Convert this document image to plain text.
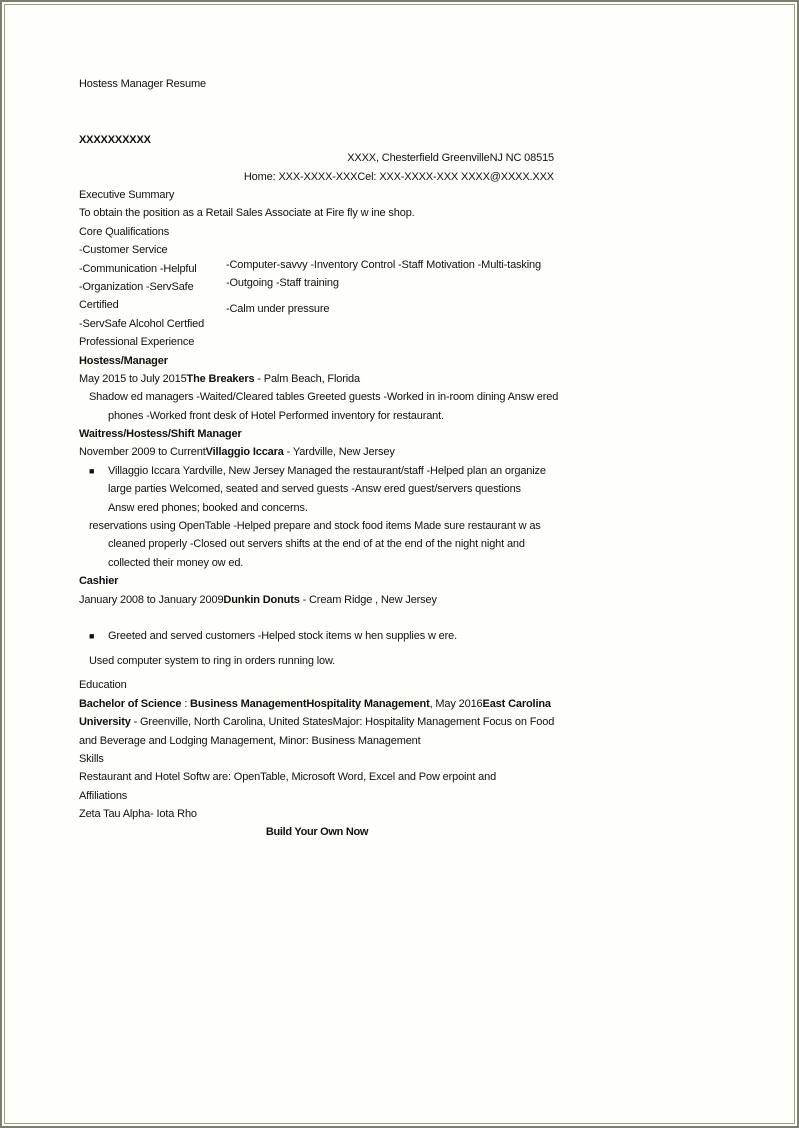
Hostess Manager Resume
XXXXXXXXXX
XXXX, Chesterfield GreenvilleNJ NC 08515
Home: XXX-XXXX-XXXCel: XXX-XXXX-XXX XXXX@XXXX.XXX
Executive Summary
To obtain the position as a Retail Sales Associate at Fire fly w ine shop.
Core Qualifications
-Customer Service
-Communication -Helpful
-Organization -ServSafe
Certified
-ServSafe Alcohol Certfied
-Computer-savvy -Inventory Control -Staff Motivation -Multi-tasking
-Outgoing -Staff training
-Calm under pressure
Professional Experience
Hostess/Manager
May 2015 to July 2015The Breakers - Palm Beach, Florida
Shadow ed managers -Waited/Cleared tables Greeted guests -Worked in in-room dining Answ ered
phones -Worked front desk of Hotel Performed inventory for restaurant.
Waitress/Hostess/Shift Manager
November 2009 to CurrentVillaggio Iccara - Yardville, New Jersey
■ Villaggio Iccara Yardville, New Jersey Managed the restaurant/staff -Helped plan an organize
large parties Welcomed, seated and served guests -Answ ered guest/servers questions
Answ ered phones; booked and concerns.
reservations using OpenTable -Helped prepare and stock food items Made sure restaurant w as
cleaned properly -Closed out servers shifts at the end of at the end of the night night and
collected their money ow ed.
Cashier
January 2008 to January 2009Dunkin Donuts - Cream Ridge , New Jersey
■ Greeted and served customers -Helped stock items w hen supplies w ere.
Used computer system to ring in orders running low.
Education
Bachelor of Science : Business ManagementHospitality Management, May 2016East Carolina
University - Greenville, North Carolina, United StatesMajor: Hospitality Management Focus on Food
and Beverage and Lodging Management, Minor: Business Management
Skills
Restaurant and Hotel Softw are: OpenTable, Microsoft Word, Excel and Pow erpoint and
Affiliations
Zeta Tau Alpha- Iota Rho
Build Your Own Now
